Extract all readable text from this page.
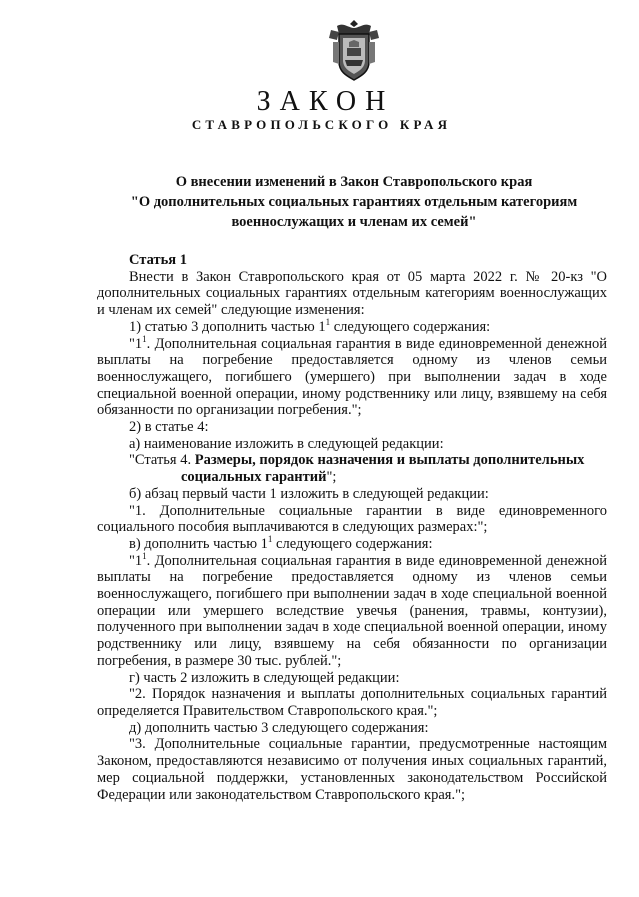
ЗАКОН
СТАВРОПОЛЬСКОГО КРАЯ
О внесении изменений в Закон Ставропольского края
"О дополнительных социальных гарантиях отдельным категориям
военнослужащих и членам их семей"

Статья 1

Внести в Закон Ставропольского края от 05 марта 2022 г. № 20-кз "О дополнительных социальных гарантиях отдельным категориям военнослужащих и членам их семей" следующие изменения:

1) статью 3 дополнить частью $1^1$ следующего содержания:

"$1^1$. Дополнительная социальная гарантия в виде единовременной денежной выплаты на погребение предоставляется одному из членов семьи военнослужащего, погибшего (умершего) при выполнении задач в ходе специальной военной операции, иному родственнику или лицу, взявшему на себя обязанности по организации погребения.";

2) в статье 4:

а) наименование изложить в следующей редакции:

"Статья 4. Размеры, порядок назначения и выплаты дополнительных

социальных гарантий";

б) абзац первый части 1 изложить в следующей редакции:

"1. Дополнительные социальные гарантии в виде единовременного социального пособия выплачиваются в следующих размерах:";

в) дополнить частью $1^1$ следующего содержания:

"$1^1$. Дополнительная социальная гарантия в виде единовременной денежной выплаты на погребение предоставляется одному из членов семьи военнослужащего, погибшего при выполнении задач в ходе специальной военной операции или умершего вследствие увечья (ранения, травмы, контузии), полученного при выполнении задач в ходе специальной военной операции, иному родственнику или лицу, взявшему на себя обязанности по организации погребения, в размере 30 тыс. рублей.";

г) часть 2 изложить в следующей редакции:

"2. Порядок назначения и выплаты дополнительных социальных гарантий определяется Правительством Ставропольского края.";

д) дополнить частью 3 следующего содержания:

"3. Дополнительные социальные гарантии, предусмотренные настоящим Законом, предоставляются независимо от получения иных социальных гарантий, мер социальной поддержки, установленных законодательством Российской Федерации или законодательством Ставропольского края.";
